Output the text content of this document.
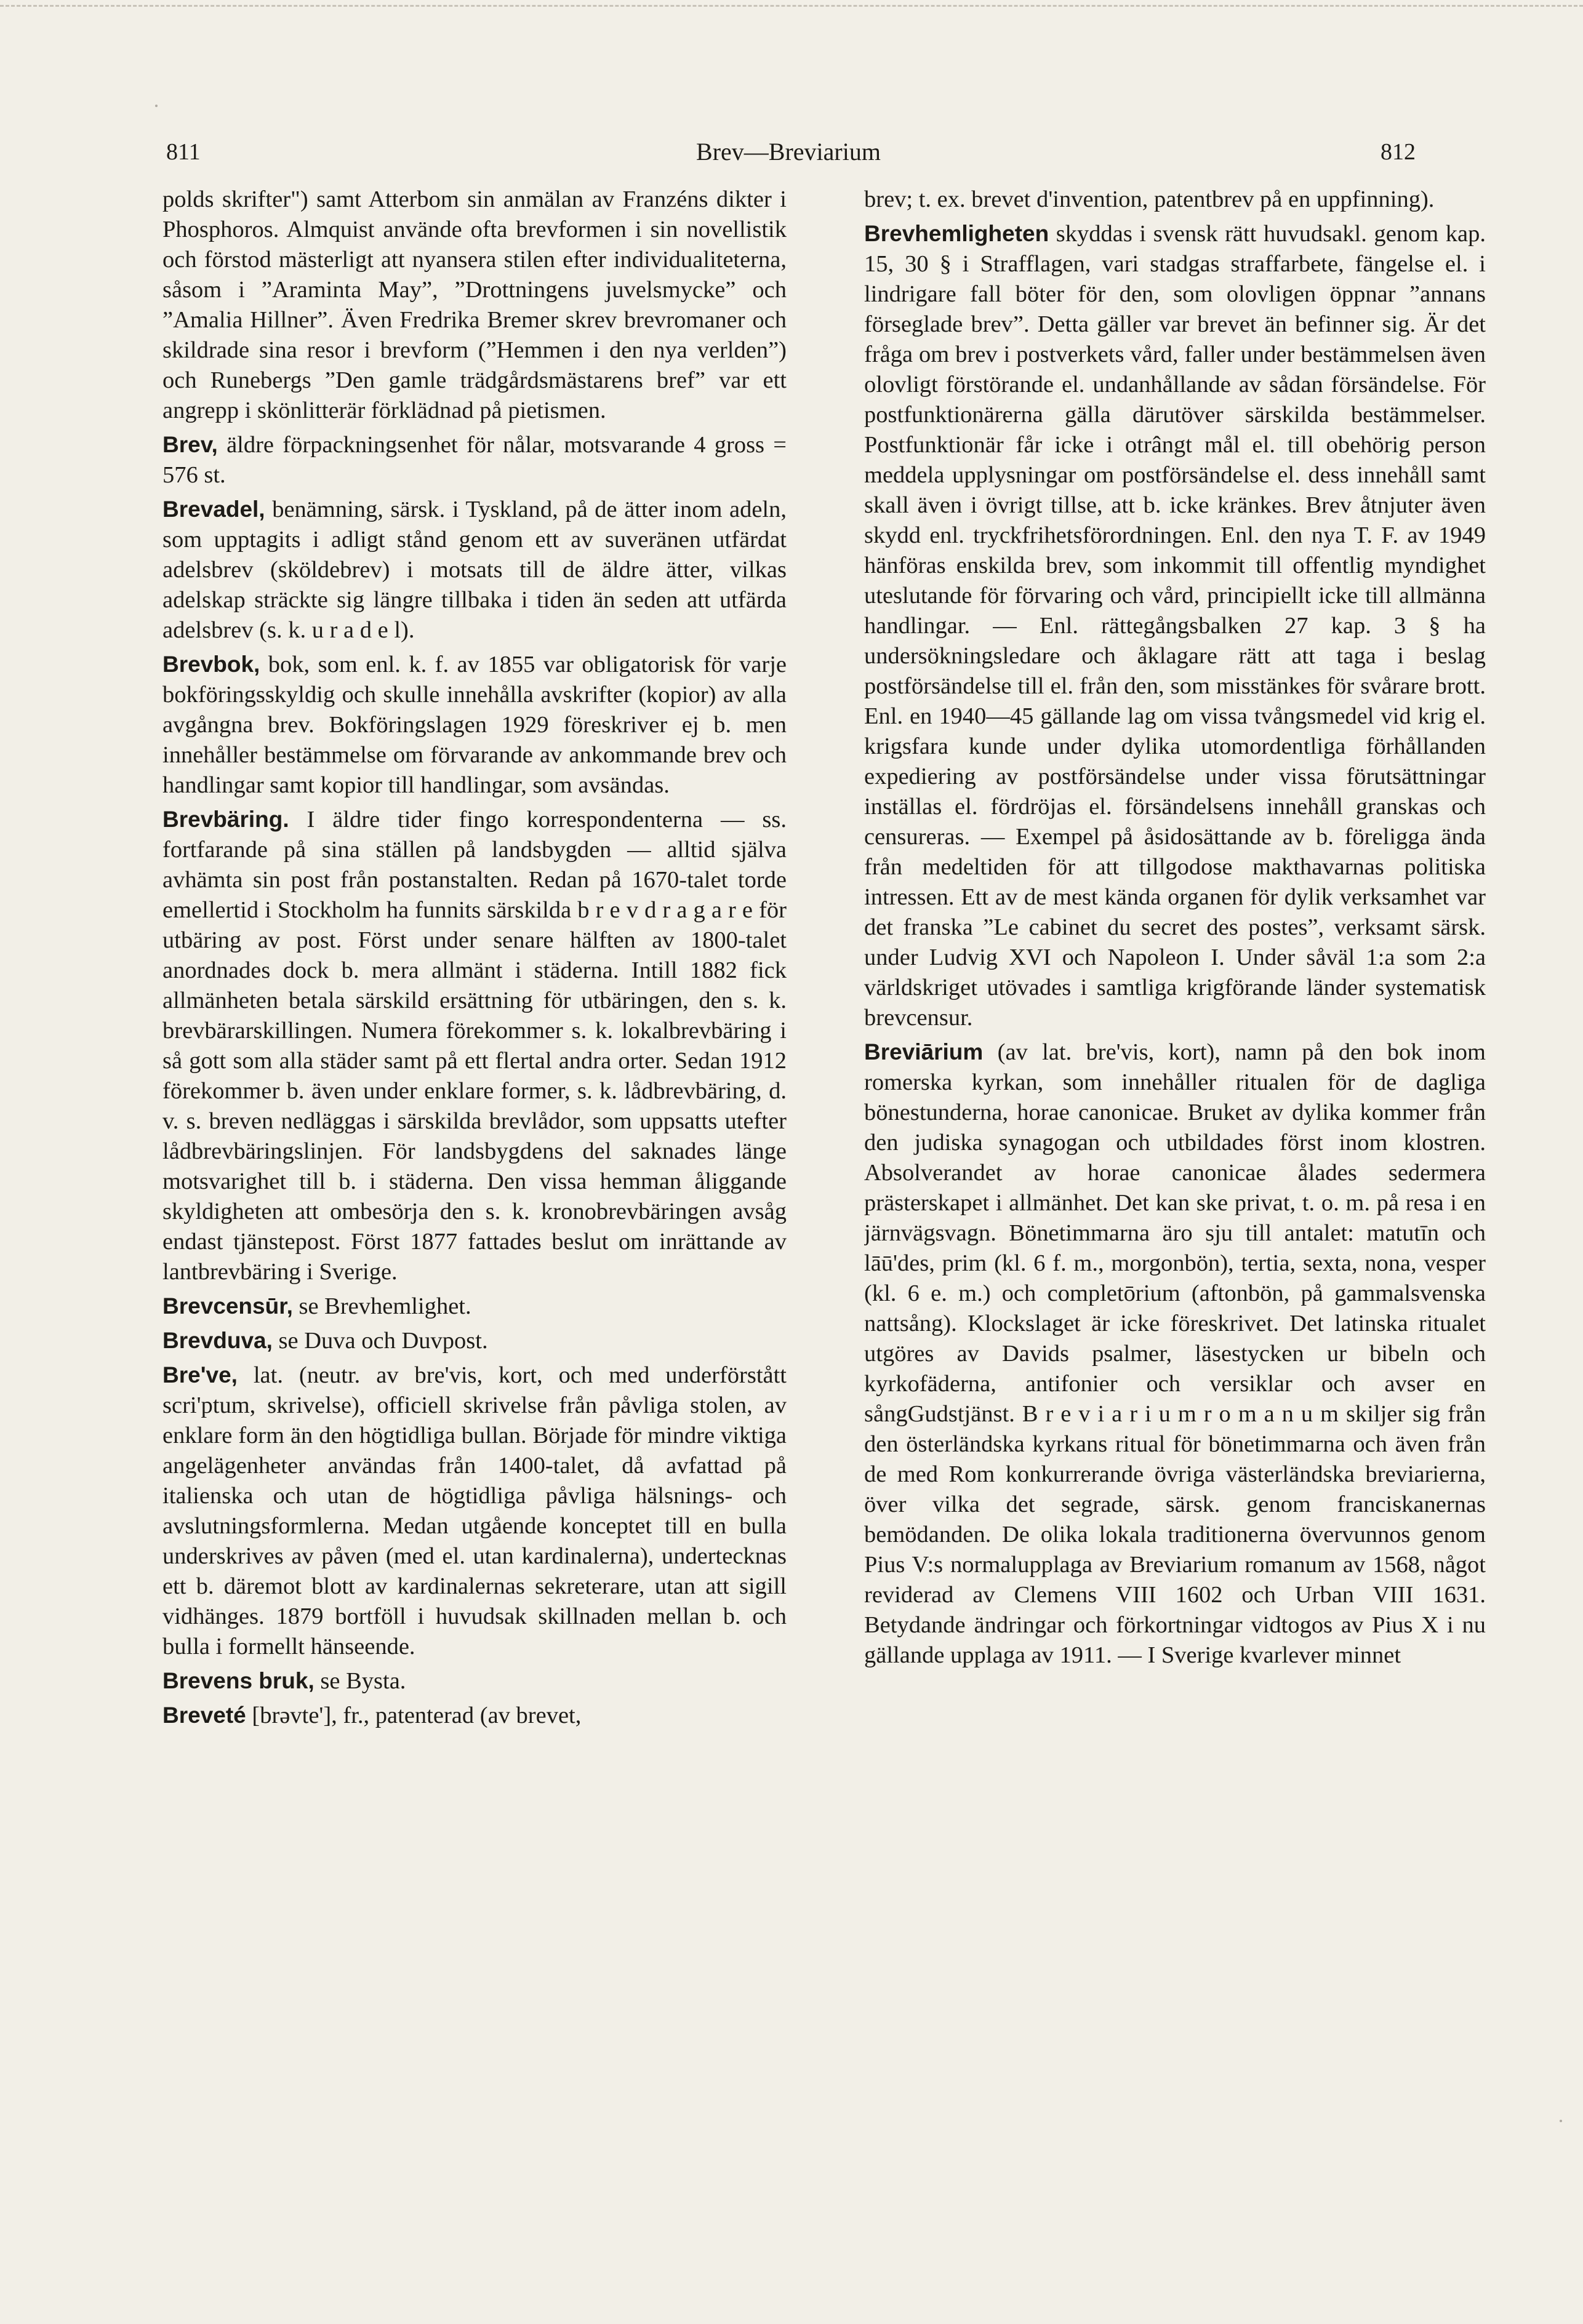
811	Brev—Breviarium	812

polds skrifter") samt Atterbom sin anmälan av Franzéns dikter i Phosphoros. Almquist använde ofta brevformen i sin novellistik och förstod mästerligt att nyansera stilen efter individualiteterna, såsom i ”Araminta May”, ”Drottningens juvelsmycke” och ”Amalia Hillner”. Även Fredrika Bremer skrev brevromaner och skildrade sina resor i brevform (”Hemmen i den nya verlden”) och Runebergs ”Den gamle trädgårdsmästarens bref” var ett angrepp i skönlitterär förklädnad på pietismen.

Brev, äldre förpackningsenhet för nålar, motsvarande 4 gross = 576 st.

Brevadel, benämning, särsk. i Tyskland, på de ätter inom adeln, som upptagits i adligt stånd genom ett av suveränen utfärdat adelsbrev (sköldebrev) i motsats till de äldre ätter, vilkas adelskap sträckte sig längre tillbaka i tiden än seden att utfärda adelsbrev (s. k. u r a d e l).

Brevbok, bok, som enl. k. f. av 1855 var obligatorisk för varje bokföringsskyldig och skulle innehålla avskrifter (kopior) av alla avgångna brev. Bokföringslagen 1929 föreskriver ej b. men innehåller bestämmelse om förvarande av ankommande brev och handlingar samt kopior till handlingar, som avsändas.

Brevbäring. I äldre tider fingo korrespondenterna — ss. fortfarande på sina ställen på landsbygden — alltid själva avhämta sin post från postanstalten. Redan på 1670-talet torde emellertid i Stockholm ha funnits särskilda b r e v d r a g a r e för utbäring av post. Först under senare hälften av 1800-talet anordnades dock b. mera allmänt i städerna. Intill 1882 fick allmänheten betala särskild ersättning för utbäringen, den s. k. brevbärarskillingen. Numera förekommer s. k. lokalbrevbäring i så gott som alla städer samt på ett flertal andra orter. Sedan 1912 förekommer b. även under enklare former, s. k. lådbrevbäring, d. v. s. breven nedläggas i särskilda brevlådor, som uppsatts utefter lådbrevbäringslinjen. För landsbygdens del saknades länge motsvarighet till b. i städerna. Den vissa hemman åliggande skyldigheten att ombesörja den s. k. kronobrevbäringen avsåg endast tjänstepost. Först 1877 fattades beslut om inrättande av lantbrevbäring i Sverige.

Brevcensūr, se Brevhemlighet.

Brevduva, se Duva och Duvpost.

Bre've, lat. (neutr. av bre'vis, kort, och med underförstått scri'ptum, skrivelse), officiell skrivelse från påvliga stolen, av enklare form än den högtidliga bullan. Började för mindre viktiga angelägenheter användas från 1400-talet, då avfattad på italienska och utan de högtidliga påvliga hälsnings- och avslutningsformlerna. Medan utgående konceptet till en bulla underskrives av påven (med el. utan kardinalerna), undertecknas ett b. däremot blott av kardinalernas sekreterare, utan att sigill vidhänges. 1879 bortföll i huvudsak skillnaden mellan b. och bulla i formellt hänseende.

Brevens bruk, se Bysta.

Breveté [brəvte'], fr., patenterad (av brevet,

brev; t. ex. brevet d'invention, patentbrev på en uppfinning).

Brevhemligheten skyddas i svensk rätt huvudsakl. genom kap. 15, 30 § i Strafflagen, vari stadgas straffarbete, fängelse el. i lindrigare fall böter för den, som olovligen öppnar ”annans förseglade brev”. Detta gäller var brevet än befinner sig. Är det fråga om brev i postverkets vård, faller under bestämmelsen även olovligt förstörande el. undanhållande av sådan försändelse. För postfunktionärerna gälla därutöver särskilda bestämmelser. Postfunktionär får icke i otrângt mål el. till obehörig person meddela upplysningar om postförsändelse el. dess innehåll samt skall även i övrigt tillse, att b. icke kränkes. Brev åtnjuter även skydd enl. tryckfrihetsförordningen. Enl. den nya T. F. av 1949 hänföras enskilda brev, som inkommit till offentlig myndighet uteslutande för förvaring och vård, principiellt icke till allmänna handlingar. — Enl. rättegångsbalken 27 kap. 3 § ha undersökningsledare och åklagare rätt att taga i beslag postförsändelse till el. från den, som misstänkes för svårare brott. Enl. en 1940—45 gällande lag om vissa tvångsmedel vid krig el. krigsfara kunde under dylika utomordentliga förhållanden expediering av postförsändelse under vissa förutsättningar inställas el. fördröjas el. försändelsens innehåll granskas och censureras. — Exempel på åsidosättande av b. föreligga ända från medeltiden för att tillgodose makthavarnas politiska intressen. Ett av de mest kända organen för dylik verksamhet var det franska ”Le cabinet du secret des postes”, verksamt särsk. under Ludvig XVI och Napoleon I. Under såväl 1:a som 2:a världskriget utövades i samtliga krigförande länder systematisk brevcensur.

Breviārium (av lat. bre'vis, kort), namn på den bok inom romerska kyrkan, som innehåller ritualen för de dagliga bönestunderna, horae canonicae. Bruket av dylika kommer från den judiska synagogan och utbildades först inom klostren. Absolverandet av horae canonicae ålades sedermera prästerskapet i allmänhet. Det kan ske privat, t. o. m. på resa i en järnvägsvagn. Bönetimmarna äro sju till antalet: matutīn och lāū'des, prim (kl. 6 f. m., morgonbön), tertia, sexta, nona, vesper (kl. 6 e. m.) och completōrium (aftonbön, på gammalsvenska nattsång). Klockslaget är icke föreskrivet. Det latinska ritualet utgöres av Davids psalmer, läsestycken ur bibeln och kyrkofäderna, antifonier och versiklar och avser en sångGudstjänst. B r e v i a r i u m r o m a n u m skiljer sig från den österländska kyrkans ritual för bönetimmarna och även från de med Rom konkurrerande övriga västerländska breviarierna, över vilka det segrade, särsk. genom franciskanernas bemödanden. De olika lokala traditionerna övervunnos genom Pius V:s normalupplaga av Breviarium romanum av 1568, något reviderad av Clemens VIII 1602 och Urban VIII 1631. Betydande ändringar och förkortningar vidtogos av Pius X i nu gällande upplaga av 1911. — I Sverige kvarlever minnet
